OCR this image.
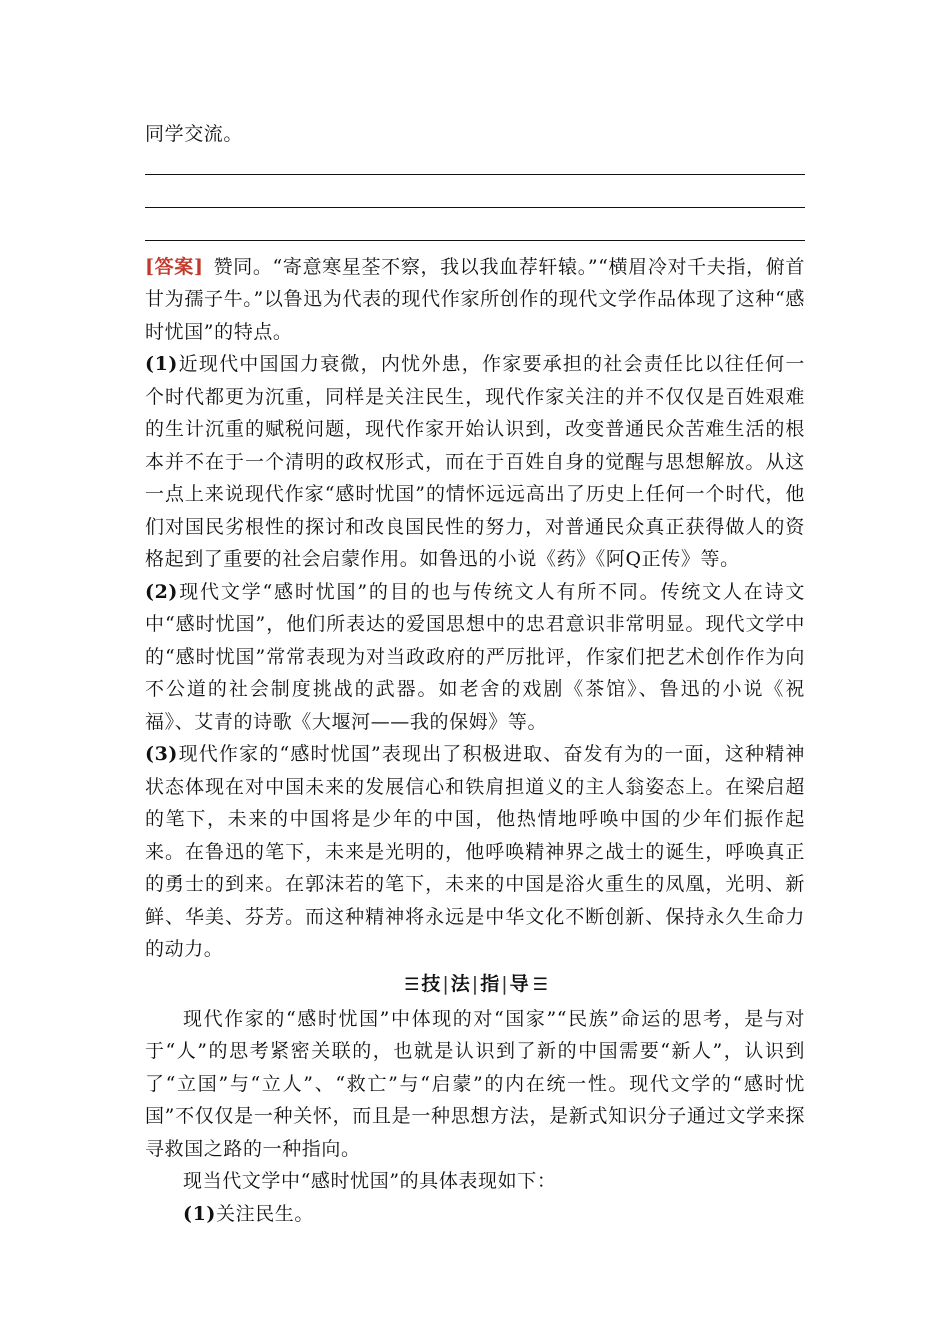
同学交流。
[答案] 赞同。“寄意寒星荃不察，我以我血荐轩辕。”“横眉冷对千夫指，俯首甘为孺子牛。”以鲁迅为代表的现代作家所创作的现代文学作品体现了这种“感时忧国”的特点。
(1)近现代中国国力衰微，内忧外患，作家要承担的社会责任比以往任何一个时代都更为沉重，同样是关注民生，现代作家关注的并不仅仅是百姓艰难的生计沉重的赋税问题，现代作家开始认识到，改变普通民众苦难生活的根本并不在于一个清明的政权形式，而在于百姓自身的觉醒与思想解放。从这一点上来说现代作家“感时忧国”的情怀远远高出了历史上任何一个时代，他们对国民劣根性的探讨和改良国民性的努力，对普通民众真正获得做人的资格起到了重要的社会启蒙作用。如鲁迅的小说《药》《阿Q正传》等。
(2)现代文学“感时忧国”的目的也与传统文人有所不同。传统文人在诗文中“感时忧国”，他们所表达的爱国思想中的忠君意识非常明显。现代文学中的“感时忧国”常常表现为对当政政府的严厉批评，作家们把艺术创作作为向不公道的社会制度挑战的武器。如老舍的戏剧《茶馆》、鲁迅的小说《祝福》、艾青的诗歌《大堰河——我的保姆》等。
(3)现代作家的“感时忧国”表现出了积极进取、奋发有为的一面，这种精神状态体现在对中国未来的发展信心和铁肩担道义的主人翁姿态上。在梁启超的笔下，未来的中国将是少年的中国，他热情地呼唤中国的少年们振作起来。在鲁迅的笔下，未来是光明的，他呼唤精神界之战士的诞生，呼唤真正的勇士的到来。在郭沫若的笔下，未来的中国是浴火重生的凤凰，光明、新鲜、华美、芬芳。而这种精神将永远是中华文化不断创新、保持永久生命力的动力。
☰ 技 | 法 | 指 | 导 ☰
现代作家的“感时忧国”中体现的对“国家”“民族”命运的思考，是与对于“人”的思考紧密关联的，也就是认识到了新的中国需要“新人”，认识到了“立国”与“立人”、“救亡”与“启蒙”的内在统一性。现代文学的“感时忧国”不仅仅是一种关怀，而且是一种思想方法，是新式知识分子通过文学来探寻救国之路的一种指向。
现当代文学中“感时忧国”的具体表现如下：
(1)关注民生。
